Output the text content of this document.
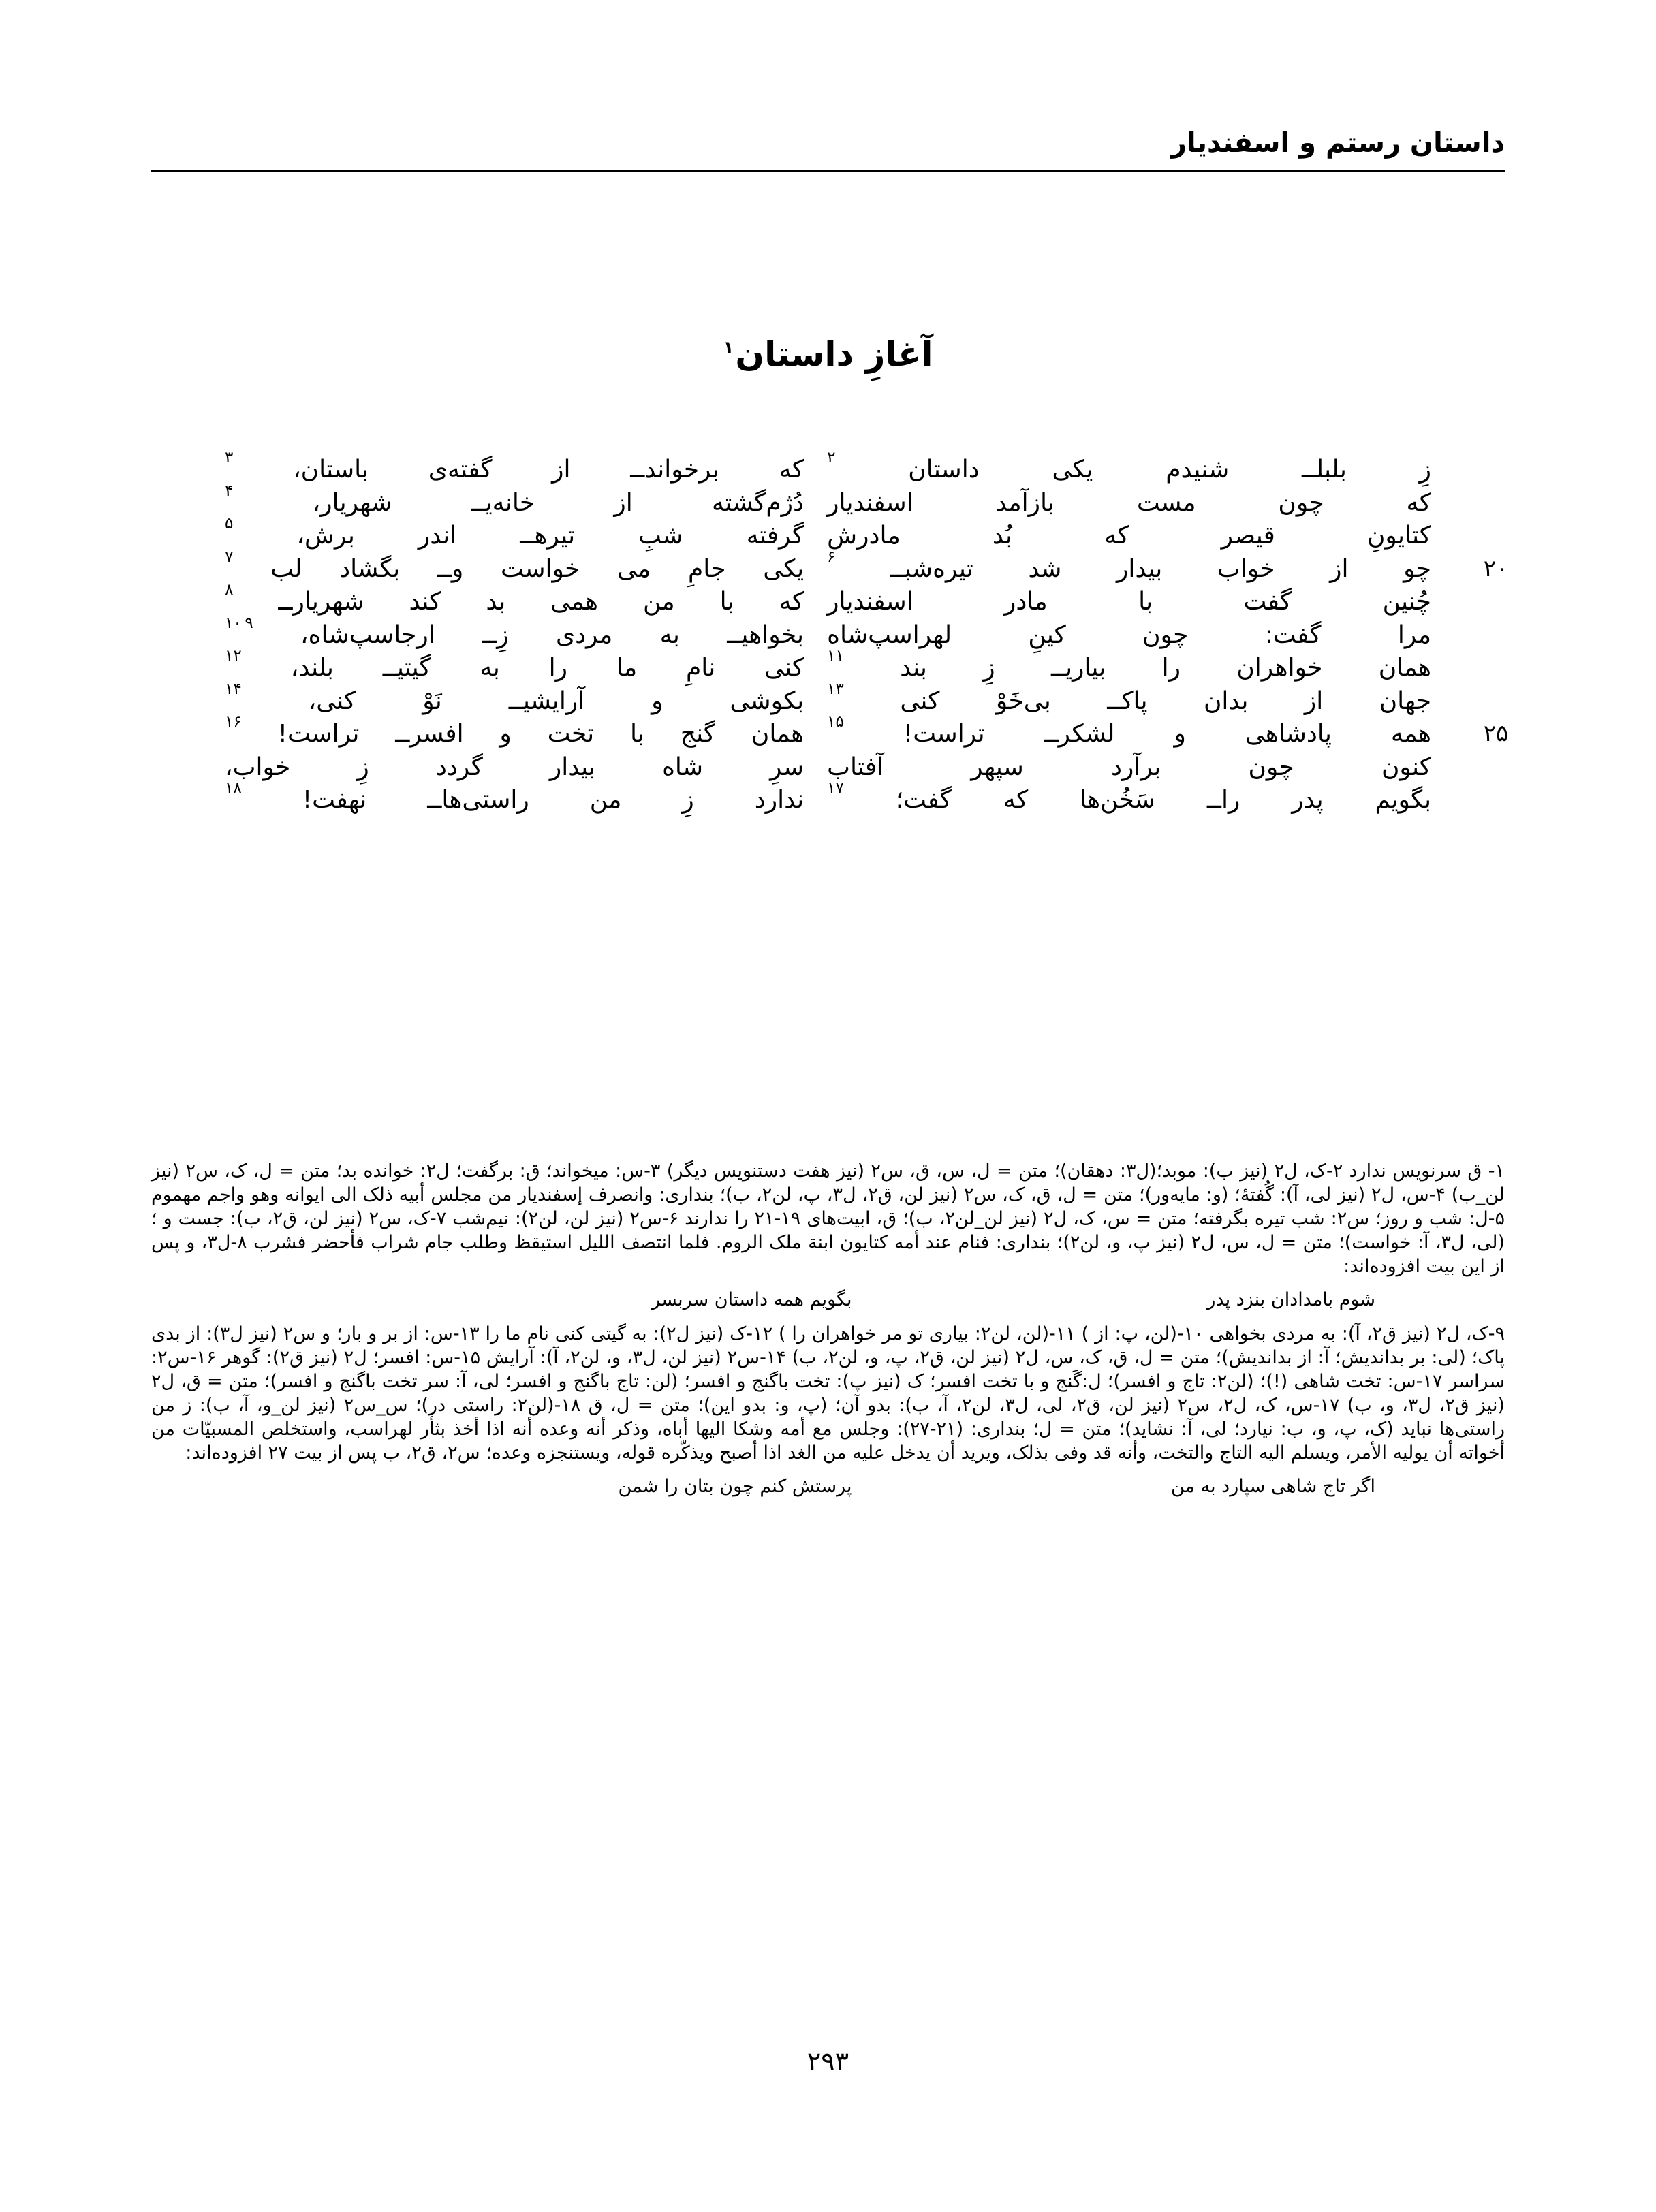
داستان رستم و اسفندیار
آغازِ داستان$^۱$
زِ
بلبلــ
شنیدم
یکی
داستان
۲
که
برخواندــ
از
گفته‌ی
باستان،
۳
که
چون
مست
بازآمد
اسفندیار
دُژم‌گشته
از
خانه‌یــ
شهریار،
۴
کتایونِ
قیصر
که
بُد
مادرش
گرفته
شبِ
تیرهــ
اندر
برش،
۵
۲۰
چو
از
خواب
بیدار
شد
تیره‌شبــ
۶
یکی
جامِ
می
خواست
وــ
بگشاد
لب
۷
چُنین
گفت
با
مادر
اسفندیار
که
با
من
همی
بد
کند
شهریارــ
۸
مرا
گفت:
چون
کینِ
لهراسپ‌شاه
بخواهیــ
به
مردی
زِــ
ارجاسپ‌شاه،
۹ ۱۰
همان
خواهران
را
بیاریــ
زِ
بند
۱۱
کنی
نامِ
ما
را
به
گیتیــ
بلند،
۱۲
جهان
از
بدان
پاکــ
بی‌خَوْ
کنی
۱۳
بکوشی
و
آرایشیــ
نَوْ
کنی،
۱۴
۲۵
همه
پادشاهی
و
لشکرــ
تراست!
۱۵
همان
گنج
با
تخت
و
افسرــ
تراست!
۱۶
کنون
چون
برآرد
سپهر
آفتاب
سرِ
شاه
بیدار
گردد
زِ
خواب،
بگویم
پدر
راــ
سَخُن‌ها
که
گفت؛
۱۷
ندارد
زِ
من
راستی‌هاــ
نهفت!
۱۸

۱- ق سرنویس ندارد ۲-ک، ل۲ (نیز ب): موبد؛(ل۳: دهقان)؛ متن = ل، س، ق، س۲ (نیز هفت دستنویس دیگر) ۳-س: میخواند؛ ق: برگفت؛ ل۲: خوانده بد؛ متن = ل، ک، س۲ (نیز لن_ب) ۴-س، ل۲ (نیز لی، آ): گُفتهٔ؛ (و: مایه‌ور)؛ متن = ل، ق، ک، س۲ (نیز لن، ق۲، ل۳، پ، لن۲، ب)؛ بنداری: وانصرف إسفندیار من مجلس أبیه ذلک الی ایوانه وهو واجم مهموم ۵-ل: شب و روز؛ س۲: شب تیره بگرفته؛ متن = س، ک، ل۲ (نیز لن_لن۲، ب)؛ ق، ابیت‌های ۱۹-۲۱ را ندارند ۶-س۲ (نیز لن، لن۲): نیم‌شب ۷-ک، س۲ (نیز لن، ق۲، ب): جست و ؛ (لی، ل۳، آ: خواست)؛ متن = ل، س، ل۲ (نیز پ، و، لن۲)؛ بنداری: فنام عند أمه کتایون ابنة ملک الروم. فلما انتصف اللیل استیقظ وطلب جام شراب فأحضر فشرب ۸-ل۳، و پس از این بیت افزوده‌اند:

شوم بامدادان بنزد پدر
بگویم همه داستان سربسر

۹-ک، ل۲ (نیز ق۲، آ): به مردی بخواهی ۱۰-(لن، پ: از ) ۱۱-(لن، لن۲: بیاری تو مر خواهران را ) ۱۲-ک (نیز ل۲): به گیتی کنی نام ما را ۱۳-س: از بر و بار؛ و س۲ (نیز ل۳): از بدی پاک؛ (لی: بر بداندیش؛ آ: از بداندیش)؛ متن = ل، ق، ک، س، ل۲ (نیز لن، ق۲، پ، و، لن۲، ب) ۱۴-س۲ (نیز لن، ل۳، و، لن۲، آ): آرایش ۱۵-س: افسر؛ ل۲ (نیز ق۲): گوهر ۱۶-س۲: سراسر ۱۷-س: تخت شاهی (!)؛ (لن۲: تاج و افسر)؛ ل:گَنج و با تخت افسر؛ ک (نیز پ): تخت باگنج و افسر؛ (لن: تاج باگنج و افسر؛ لی، آ: سر تخت باگنج و افسر)؛ متن = ق، ل۲ (نیز ق۲، ل۳، و، ب) ۱۷-س، ک، ل۲، س۲ (نیز لن، ق۲، لی، ل۳، لن۲، آ، ب): بدو آن؛ (پ، و: بدو این)؛ متن = ل، ق ۱۸-(لن۲: راستی در)؛ س_س۲ (نیز لن_و، آ، ب): ز من راستی‌ها نباید (ک، پ، و، ب: نیارد؛ لی، آ: نشاید)؛ متن = ل؛ بنداری: (۲۱-۲۷): وجلس مع أمه وشکا الیها أباه، وذکر أنه وعده أنه اذا أخذ بثأر لهراسب، واستخلص المسبیّات من أخواته أن یولیه الأمر، ویسلم الیه التاج والتخت، وأنه قد وفی بذلک، ویرید أن یدخل علیه من الغد اذا أصبح ویذکّره قوله، ویستنجزه وعده؛ س۲، ق۲، ب پس از بیت ۲۷ افزوده‌اند:

اگر تاج شاهی سپارد به من
پرستش کنم چون بتان را شمن
۲۹۳
